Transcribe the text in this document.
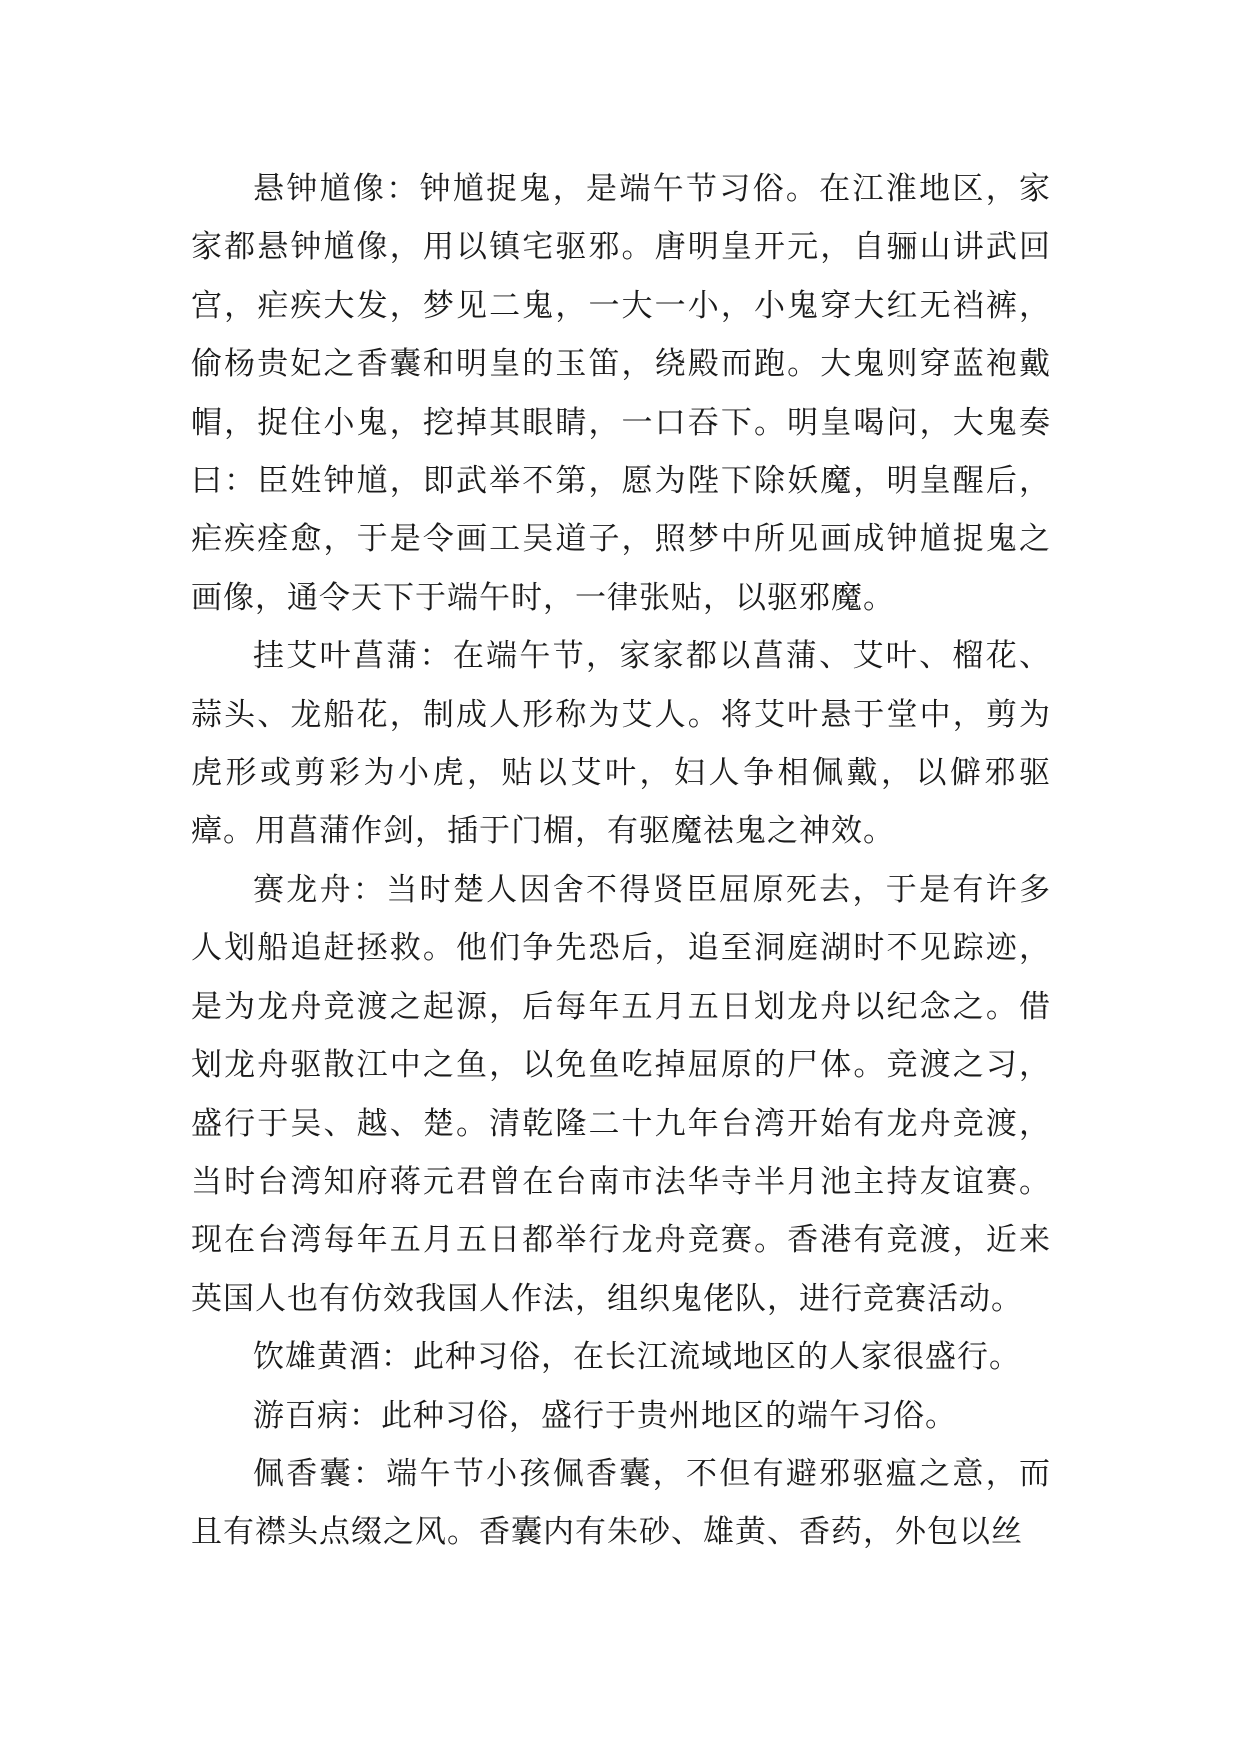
悬钟馗像：钟馗捉鬼，是端午节习俗。在江淮地区，家家都悬钟馗像，用以镇宅驱邪。唐明皇开元，自骊山讲武回宫，疟疾大发，梦见二鬼，一大一小，小鬼穿大红无裆裤，偷杨贵妃之香囊和明皇的玉笛，绕殿而跑。大鬼则穿蓝袍戴帽，捉住小鬼，挖掉其眼睛，一口吞下。明皇喝问，大鬼奏曰：臣姓钟馗，即武举不第，愿为陛下除妖魔，明皇醒后，疟疾痊愈，于是令画工吴道子，照梦中所见画成钟馗捉鬼之画像，通令天下于端午时，一律张贴，以驱邪魔。

挂艾叶菖蒲：在端午节，家家都以菖蒲、艾叶、榴花、蒜头、龙船花，制成人形称为艾人。将艾叶悬于堂中，剪为虎形或剪彩为小虎，贴以艾叶，妇人争相佩戴，以僻邪驱瘴。用菖蒲作剑，插于门楣，有驱魔祛鬼之神效。

赛龙舟：当时楚人因舍不得贤臣屈原死去，于是有许多人划船追赶拯救。他们争先恐后，追至洞庭湖时不见踪迹，是为龙舟竞渡之起源，后每年五月五日划龙舟以纪念之。借划龙舟驱散江中之鱼，以免鱼吃掉屈原的尸体。竞渡之习，盛行于吴、越、楚。清乾隆二十九年台湾开始有龙舟竞渡，当时台湾知府蒋元君曾在台南市法华寺半月池主持友谊赛。现在台湾每年五月五日都举行龙舟竞赛。香港有竞渡，近来英国人也有仿效我国人作法，组织鬼佬队，进行竞赛活动。

饮雄黄酒：此种习俗，在长江流域地区的人家很盛行。

游百病：此种习俗，盛行于贵州地区的端午习俗。

佩香囊：端午节小孩佩香囊，不但有避邪驱瘟之意，而且有襟头点缀之风。香囊内有朱砂、雄黄、香药，外包以丝
